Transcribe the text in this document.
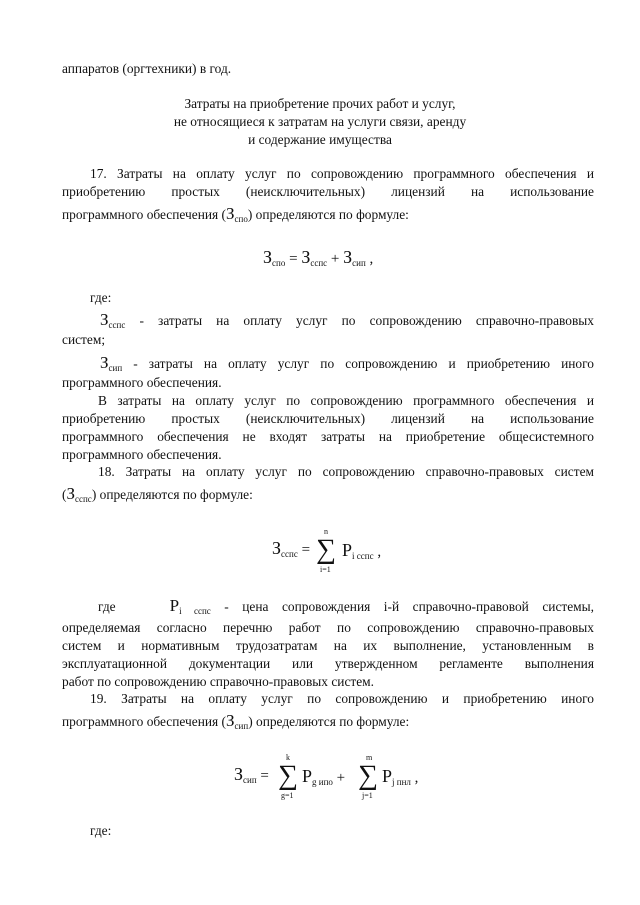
аппаратов (оргтехники) в год.
Затраты на приобретение прочих работ и услуг,
не относящиеся к затратам на услуги связи, аренду
и содержание имущества
17. Затраты на оплату услуг по сопровождению программного обеспечения и
приобретению простых (неисключительных) лицензий на использование
программного обеспечения $(З_{спо})$ определяются по формуле:
$З_{спо} = З_{сспс} + З_{сип}$ ,
где:
$З_{сспс}$ - затраты на оплату услуг по сопровождению справочно-правовых
систем;
$З_{сип}$ - затраты на оплату услуг по сопровождению и приобретению иного
программного обеспечения.
В затраты на оплату услуг по сопровождению программного обеспечения и
приобретению простых (неисключительных) лицензий на использование
программного обеспечения не входят затраты на приобретение общесистемного
программного обеспечения.
18. Затраты на оплату услуг по сопровождению справочно-правовых систем
$(З_{сспс})$ определяются по формуле:
$З_{сспс}$ =
n
∑
i=1
$P_{i сспс}$ ,
где	$P_{i сспс}$ - цена сопровождения i-й справочно-правовой системы,
определяемая согласно перечню работ по сопровождению справочно-правовых
систем и нормативным трудозатратам на их выполнение, установленным в
эксплуатационной документации или утвержденном регламенте выполнения
работ по сопровождению справочно-правовых систем.
19. Затраты на оплату услуг по сопровождению и приобретению иного
программного обеспечения $(З_{сип})$ определяются по формуле:
$З_{сип}$ =
k
∑
g=1
$P_{g ипо}$ +
m
∑
j=1
$P_{j пнл}$ ,
где:
